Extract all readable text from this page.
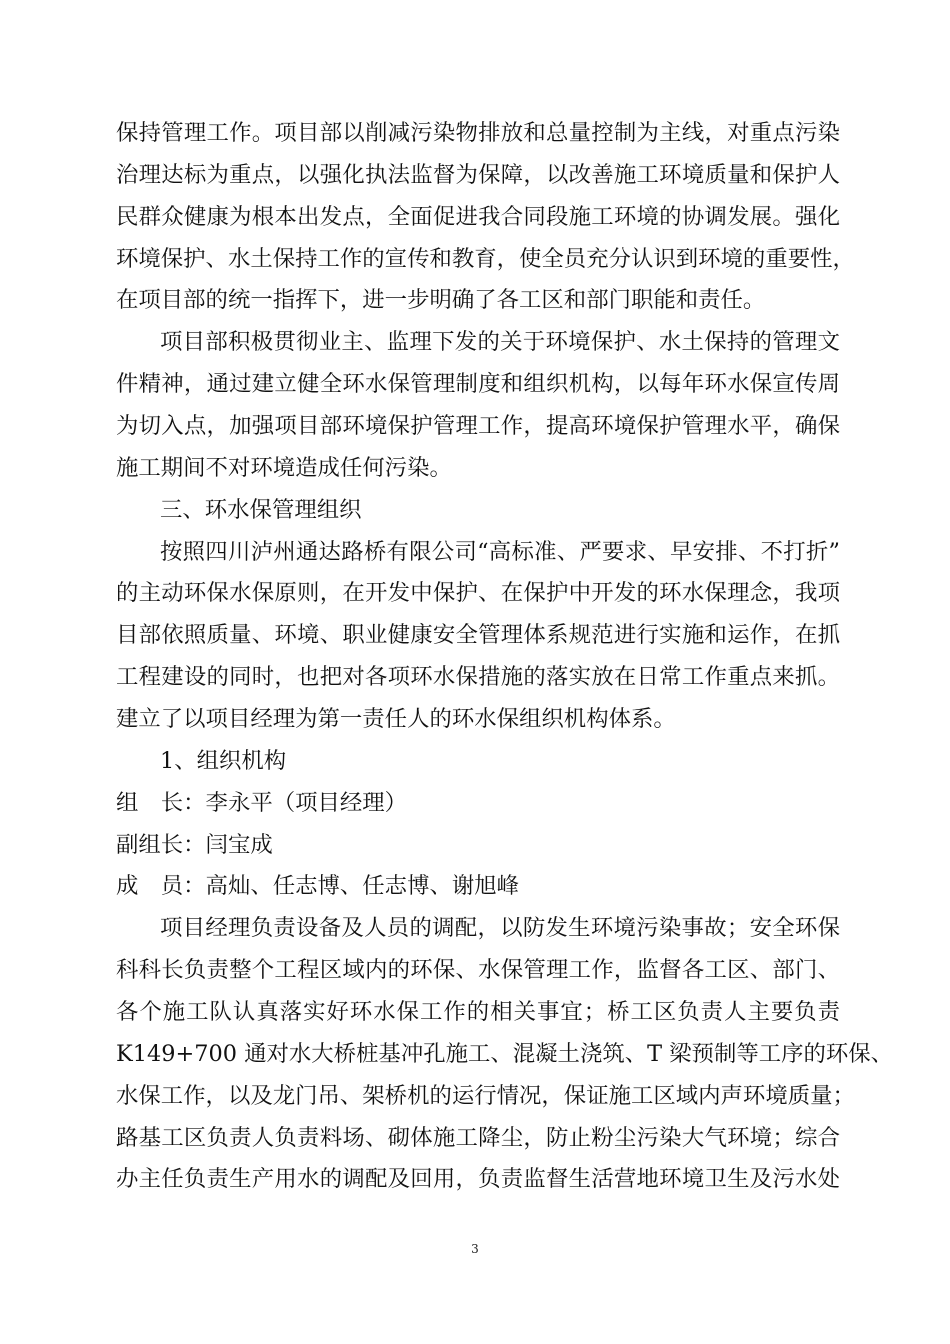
保持管理工作。项目部以削减污染物排放和总量控制为主线，对重点污染
治理达标为重点，以强化执法监督为保障，以改善施工环境质量和保护人
民群众健康为根本出发点，全面促进我合同段施工环境的协调发展。强化
环境保护、水土保持工作的宣传和教育，使全员充分认识到环境的重要性，
在项目部的统一指挥下，进一步明确了各工区和部门职能和责任。
项目部积极贯彻业主、监理下发的关于环境保护、水土保持的管理文
件精神，通过建立健全环水保管理制度和组织机构，以每年环水保宣传周
为切入点，加强项目部环境保护管理工作，提高环境保护管理水平，确保
施工期间不对环境造成任何污染。
三、环水保管理组织
按照四川泸州通达路桥有限公司“高标准、严要求、早安排、不打折”
的主动环保水保原则，在开发中保护、在保护中开发的环水保理念，我项
目部依照质量、环境、职业健康安全管理体系规范进行实施和运作，在抓
工程建设的同时，也把对各项环水保措施的落实放在日常工作重点来抓。
建立了以项目经理为第一责任人的环水保组织机构体系。
1、组织机构
组　长：李永平（项目经理）
副组长：闫宝成
成　员：高灿、任志博、任志博、谢旭峰
项目经理负责设备及人员的调配，以防发生环境污染事故；安全环保
科科长负责整个工程区域内的环保、水保管理工作，监督各工区、部门、
各个施工队认真落实好环水保工作的相关事宜；桥工区负责人主要负责
K149+700 通对水大桥桩基冲孔施工、混凝土浇筑、T 梁预制等工序的环保、
水保工作，以及龙门吊、架桥机的运行情况，保证施工区域内声环境质量；
路基工区负责人负责料场、砌体施工降尘，防止粉尘污染大气环境；综合
办主任负责生产用水的调配及回用，负责监督生活营地环境卫生及污水处
3
